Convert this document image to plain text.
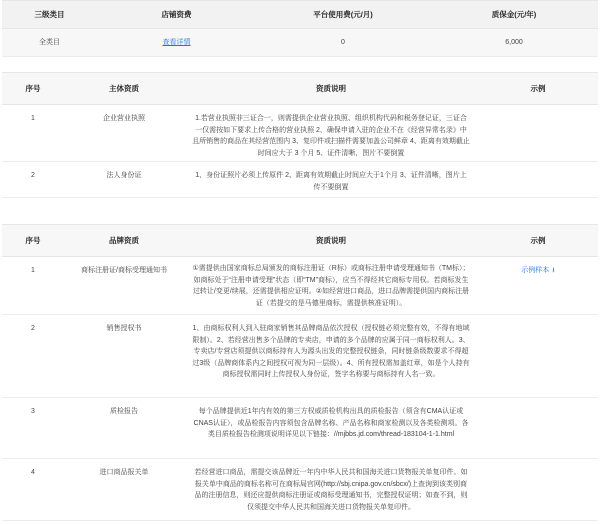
三级类目	店铺资费	平台使用费(元/月)	质保金(元/年)
全类目	查看详情	0	6,000
序号	主体资质	资质说明	示例
1	企业营业执照	1.若营业执照非三证合一，则需提供企业营业执照、组织机构代码和税务登记证，三证合一仅需按如下要求上传合格的营业执照 2、确保申请入驻的企业不在《经营异常名录》中且所销售的商品在其经营范围内 3、复印件或扫描件需要加盖公司鲜章 4、距离有效期截止时间应大于 3 个月 5、证件清晰，图片不要倒置	
2	法人身份证	1、身份证照片必须上传原件 2、距离有效期截止时间应大于1个月 3、证件清晰，图片上传不要倒置	
序号	品牌资质	资质说明	示例
1	商标注册证/商标受理通知书	①需提供由国家商标总局颁发的商标注册证（R标）或商标注册申请受理通知书（TM标）；如商标处于“注册申请受理”状态（即“TM”商标），应当不得经其它商标专用权。若商标发生过转让/变更/续展，还需提供相应证明。②如经营进口商品，进口品牌需提供国内商标注册证（若提交的是马德里商标，需提供核准证明）。	示例样本 ⭳
2	销售授权书	1、由商标权利人到入驻商家销售其品牌商品依次授权（授权链必须完整有效，不得有地域限制）。2、若经营出售多个品牌的专卖店，申请的多个品牌的应属于同一商标权利人。3、专卖店/专营店须提供以商标持有人为源头出发的完整授权链条，同时链条级数要求不得超过3级（品牌商体系内之间授权可视为同一层级）。4、所有授权需加盖红章，如是个人持有商标授权需同时上传授权人身份证，签字名称要与商标持有人名一致。	
3	质检报告	每个品牌提供近1年内有效的第三方权威质检机构出具的质检报告（须含有CMA认证或CNAS认证），或品检报告内容须包含品牌名称、产品名称和商家检测以及各类检测项。各类目质检报告检测项说明详见以下链接：//mjbbs.jd.com/thread-183104-1-1.html	
4	进口商品报关单	若经营进口商品，需提交该品牌近一年内中华人民共和国海关进口货物报关单复印件。如报关单中商品的商标名称可在商标局官网(http://sbj.cnipa.gov.cn/sbcx/)上查询到该类别商品的注册信息，则还应提供商标注册证或商标受理通知书，完整授权证明；如查不到，则仅须提交中华人民共和国海关进口货物报关单复印件。	
